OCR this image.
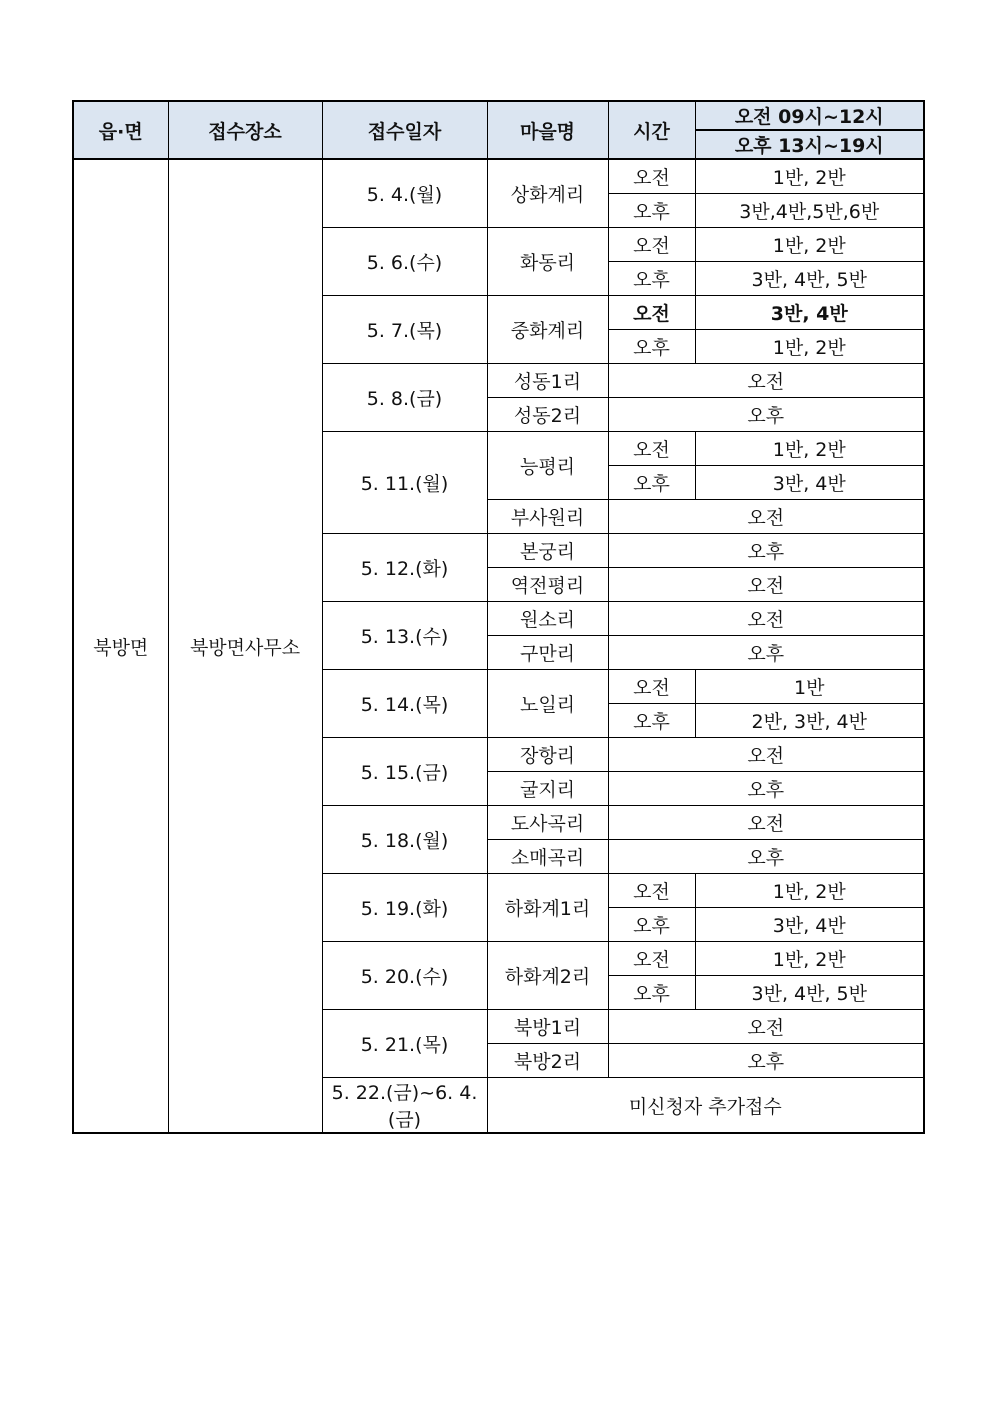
읍·면	접수장소	접수일자	마을명	시간	오전 09시~12시
					오후 13시~19시
북방면	북방면사무소	5. 4.(월)	상화계리	오전	1반, 2반
				오후	3반,4반,5반,6반
		5. 6.(수)	화동리	오전	1반, 2반
				오후	3반, 4반, 5반
		5. 7.(목)	중화계리	오전	3반, 4반
				오후	1반, 2반
		5. 8.(금)	성동1리	오전	
			성동2리	오후	
		5. 11.(월)	능평리	오전	1반, 2반
				오후	3반, 4반
			부사원리	오전	
		5. 12.(화)	본궁리	오후	
			역전평리	오전	
		5. 13.(수)	원소리	오전	
			구만리	오후	
		5. 14.(목)	노일리	오전	1반
				오후	2반, 3반, 4반
		5. 15.(금)	장항리	오전	
			굴지리	오후	
		5. 18.(월)	도사곡리	오전	
			소매곡리	오후	
		5. 19.(화)	하화계1리	오전	1반, 2반
				오후	3반, 4반
		5. 20.(수)	하화계2리	오전	1반, 2반
				오후	3반, 4반, 5반
		5. 21.(목)	북방1리	오전	
			북방2리	오후	
		5. 22.(금)~6. 4.(금)	미신청자 추가접수		
